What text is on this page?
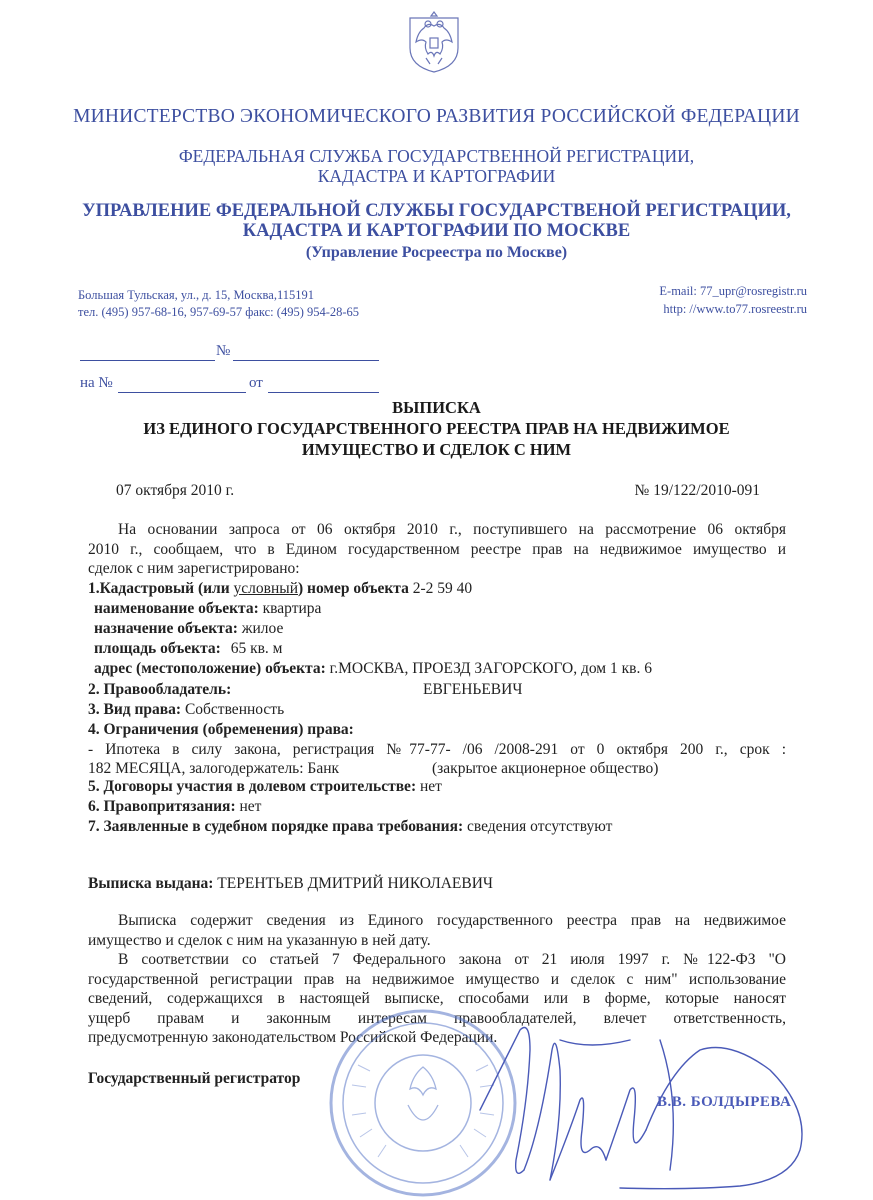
МИНИСТЕРСТВО ЭКОНОМИЧЕСКОГО РАЗВИТИЯ РОССИЙСКОЙ ФЕДЕРАЦИИ
ФЕДЕРАЛЬНАЯ СЛУЖБА ГОСУДАРСТВЕННОЙ РЕГИСТРАЦИИ,
КАДАСТРА И КАРТОГРАФИИ
УПРАВЛЕНИЕ ФЕДЕРАЛЬНОЙ СЛУЖБЫ ГОСУДАРСТВЕНОЙ РЕГИСТРАЦИИ,
КАДАСТРА И КАРТОГРАФИИ ПО МОСКВЕ
(Управление Росреестра по Москве)
Большая Тульская, ул., д. 15, Москва,115191
тел. (495) 957-68-16, 957-69-57 факс: (495) 954-28-65
E-mail: 77_upr@rosregistr.ru
http: //www.to77.rosreestr.ru
№
на №	от
ВЫПИСКА
ИЗ ЕДИНОГО ГОСУДАРСТВЕННОГО РЕЕСТРА ПРАВ НА НЕДВИЖИМОЕ
ИМУЩЕСТВО И СДЕЛОК С НИМ
07 октября 2010 г.	№ 19/122/2010-091
На основании запроса от 06 октября 2010 г., поступившего на рассмотрение 06 октября
2010 г., сообщаем, что в Едином государственном реестре прав на недвижимое имущество и
сделок с ним зарегистрировано:
1.Кадастровый (или условный) номер объекта 2-2 59 40
наименование объекта: квартира
назначение объекта: жилое
площадь объекта: 65 кв. м
адрес (местоположение) объекта: г.МОСКВА, ПРОЕЗД ЗАГОРСКОГО, дом 1 кв. 6
2. Правообладатель:	ЕВГЕНЬЕВИЧ
3. Вид права: Собственность
4. Ограничения (обременения) права:
- Ипотека в силу закона, регистрация №77-77- /06 /2008-291 от 0 октября 200 г., срок :
182 МЕСЯЦА, залогодержатель: Банк	(закрытое акционерное общество)
5. Договоры участия в долевом строительстве: нет
6. Правопритязания: нет
7. Заявленные в судебном порядке права требования: сведения отсутствуют
Выписка выдана: ТЕРЕНТЬЕВ ДМИТРИЙ НИКОЛАЕВИЧ
Выписка содержит сведения из Единого государственного реестра прав на недвижимое
имущество и сделок с ним на указанную в ней дату.
В соответствии со статьей 7 Федерального закона от 21 июля 1997 г. №122-ФЗ "О
государственной регистрации прав на недвижимое имущество и сделок с ним" использование
сведений, содержащихся в настоящей выписке, способами или в форме, которые наносят
ущерб правам и законным интересам правообладателей, влечет ответственность,
предусмотренную законодательством Российской Федерации.
Государственный регистратор
В.В. БОЛДЫРЕВА
